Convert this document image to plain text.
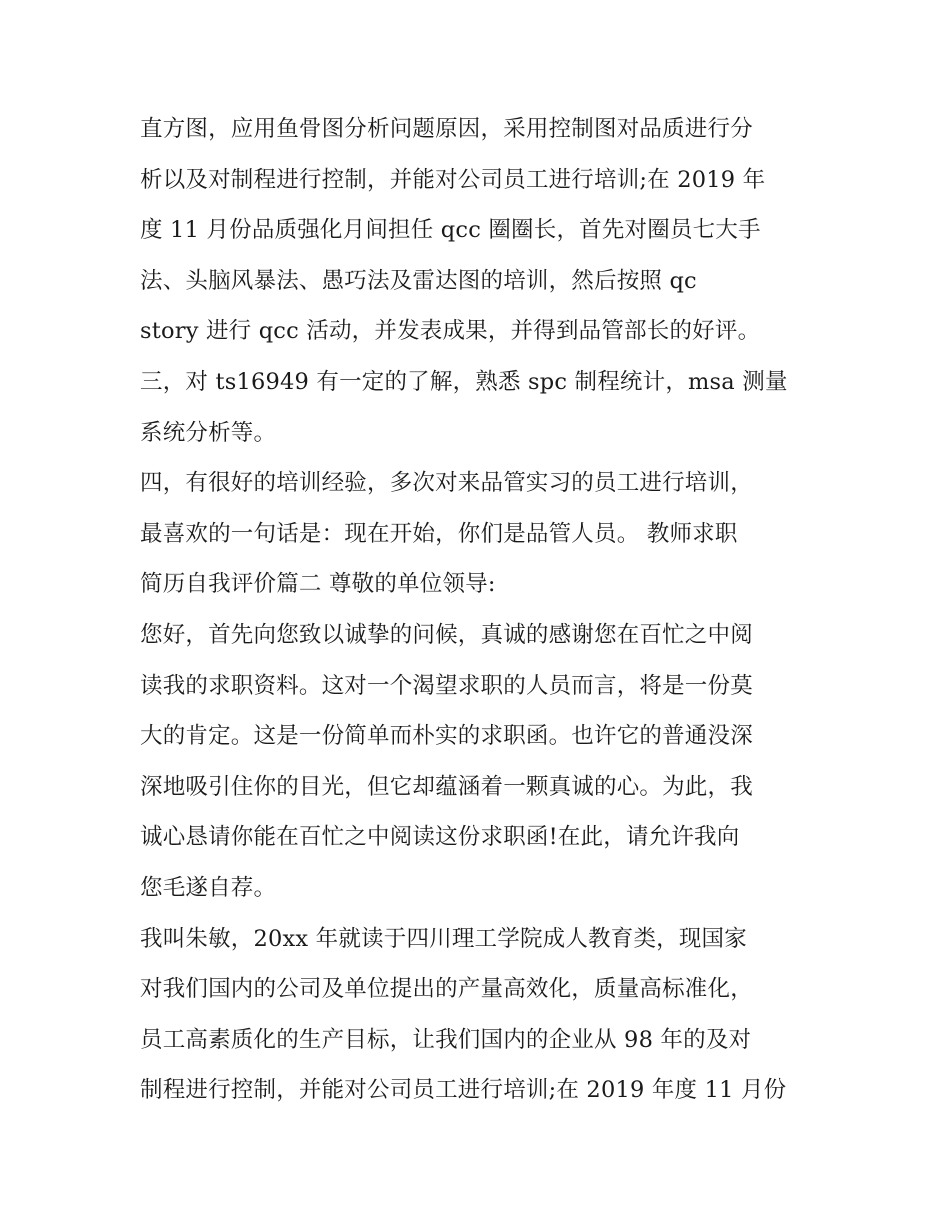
直方图，应用鱼骨图分析问题原因，采用控制图对品质进行分
析以及对制程进行控制，并能对公司员工进行培训;在 2019 年
度 11 月份品质强化月间担任 qcc 圈圈长，首先对圈员七大手
法、头脑风暴法、愚巧法及雷达图的培训，然后按照 qc
story 进行 qcc 活动，并发表成果，并得到品管部长的好评。
三，对 ts16949 有一定的了解，熟悉 spc 制程统计，msa 测量
系统分析等。
四，有很好的培训经验，多次对来品管实习的员工进行培训，
最喜欢的一句话是：现在开始，你们是品管人员。 教师求职
简历自我评价篇二 尊敬的单位领导:
您好，首先向您致以诚挚的问候，真诚的感谢您在百忙之中阅
读我的求职资料。这对一个渴望求职的人员而言，将是一份莫
大的肯定。这是一份简单而朴实的求职函。也许它的普通没深
深地吸引住你的目光，但它却蕴涵着一颗真诚的心。为此，我
诚心恳请你能在百忙之中阅读这份求职函!在此，请允许我向
您毛遂自荐。
我叫朱敏，20xx 年就读于四川理工学院成人教育类，现国家
对我们国内的公司及单位提出的产量高效化，质量高标准化，
员工高素质化的生产目标，让我们国内的企业从 98 年的及对
制程进行控制，并能对公司员工进行培训;在 2019 年度 11 月份
